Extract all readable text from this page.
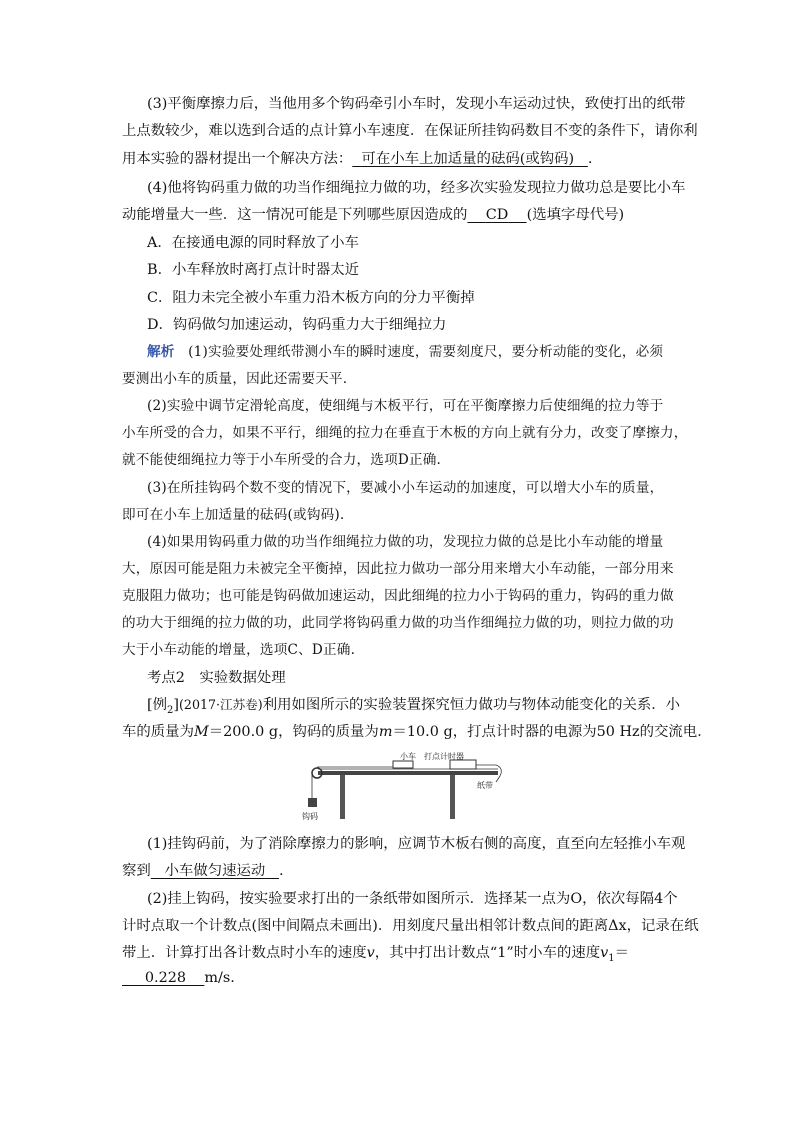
(3)平衡摩擦力后，当他用多个钩码牵引小车时，发现小车运动过快，致使打出的纸带
上点数较少，难以选到合适的点计算小车速度．在保证所挂钩码数目不变的条件下，请你利
用本实验的器材提出一个解决方法： 可在小车上加适量的砝码(或钩码) .
(4)他将钩码重力做的功当作细绳拉力做的功，经多次实验发现拉力做功总是要比小车
动能增量大一些．这一情况可能是下列哪些原因造成的 CD (选填字母代号)
A．在接通电源的同时释放了小车
B．小车释放时离打点计时器太近
C．阻力未完全被小车重力沿木板方向的分力平衡掉
D．钩码做匀加速运动，钩码重力大于细绳拉力
解析 (1)实验要处理纸带测小车的瞬时速度，需要刻度尺，要分析动能的变化，必须
要测出小车的质量，因此还需要天平.
(2)实验中调节定滑轮高度，使细绳与木板平行，可在平衡摩擦力后使细绳的拉力等于
小车所受的合力，如果不平行，细绳的拉力在垂直于木板的方向上就有分力，改变了摩擦力，
就不能使细绳拉力等于小车所受的合力，选项D正确.
(3)在所挂钩码个数不变的情况下，要减小小车运动的加速度，可以增大小车的质量，
即可在小车上加适量的砝码(或钩码).
(4)如果用钩码重力做的功当作细绳拉力做的功，发现拉力做的总是比小车动能的增量
大，原因可能是阻力未被完全平衡掉，因此拉力做功一部分用来增大小车动能，一部分用来
克服阻力做功；也可能是钩码做加速运动，因此细绳的拉力小于钩码的重力，钩码的重力做
的功大于细绳的拉力做的功，此同学将钩码重力做的功当作细绳拉力做的功，则拉力做的功
大于小车动能的增量，选项C、D正确.
考点2　实验数据处理
[例$_2$](2017·江苏卷)利用如图所示的实验装置探究恒力做功与物体动能变化的关系．小
车的质量为M＝200.0 g，钩码的质量为m＝10.0 g，打点计时器的电源为50 Hz的交流电．
小车 打点计时器
纸带
钩码
(1)挂钩码前，为了消除摩擦力的影响，应调节木板右侧的高度，直至向左轻推小车观
察到 小车做匀速运动 .
(2)挂上钩码，按实验要求打出的一条纸带如图所示．选择某一点为O，依次每隔4个
计时点取一个计数点(图中间隔点未画出)．用刻度尺量出相邻计数点间的距离Δx，记录在纸
带上．计算打出各计数点时小车的速度v，其中打出计数点“1”时小车的速度$v_1=$
0.228 m/s.
